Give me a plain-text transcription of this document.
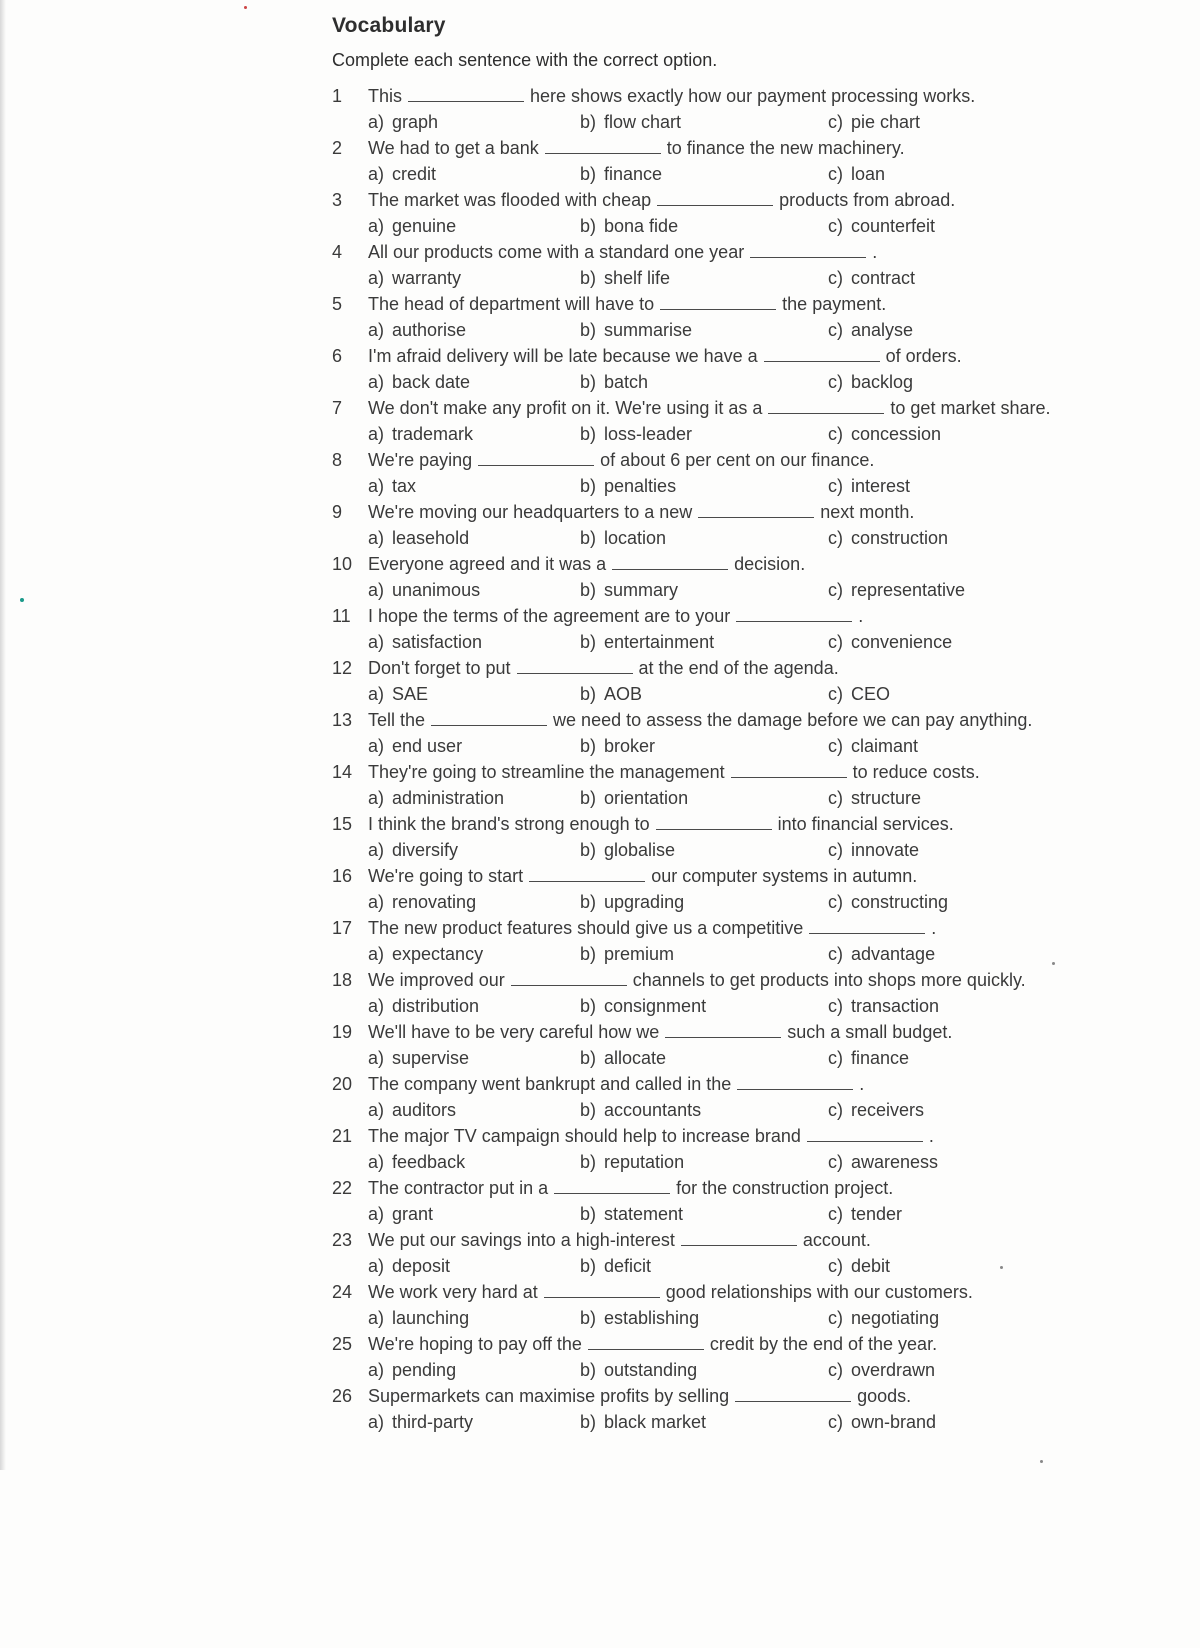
Vocabulary
Complete each sentence with the correct option.
1	This	here shows exactly how our payment processing works.
a) graph	b) flow chart	c) pie chart
2	We had to get a bank	to finance the new machinery.
a) credit	b) finance	c) loan
3	The market was flooded with cheap	products from abroad.
a) genuine	b) bona fide	c) counterfeit
4	All our products come with a standard one year	.
a) warranty	b) shelf life	c) contract
5	The head of department will have to	the payment.
a) authorise	b) summarise	c) analyse
6	I'm afraid delivery will be late because we have a	of orders.
a) back date	b) batch	c) backlog
7	We don't make any profit on it. We're using it as a	to get market share.
a) trademark	b) loss-leader	c) concession
8	We're paying	of about 6 per cent on our finance.
a) tax	b) penalties	c) interest
9	We're moving our headquarters to a new	next month.
a) leasehold	b) location	c) construction
10 Everyone agreed and it was a	decision.
a) unanimous	b) summary	c) representative
11 I hope the terms of the agreement are to your	.
a) satisfaction	b) entertainment	c) convenience
12 Don't forget to put	at the end of the agenda.
a) SAE	b) AOB	c) CEO
13 Tell the	we need to assess the damage before we can pay anything.
a) end user	b) broker	c) claimant
14 They're going to streamline the management	to reduce costs.
a) administration	b) orientation	c) structure
15 I think the brand's strong enough to	into financial services.
a) diversify	b) globalise	c) innovate
16 We're going to start	our computer systems in autumn.
a) renovating	b) upgrading	c) constructing
17 The new product features should give us a competitive	.
a) expectancy	b) premium	c) advantage
18 We improved our	channels to get products into shops more quickly.
a) distribution	b) consignment	c) transaction
19 We'll have to be very careful how we	such a small budget.
a) supervise	b) allocate	c) finance
20 The company went bankrupt and called in the	.
a) auditors	b) accountants	c) receivers
21 The major TV campaign should help to increase brand	.
a) feedback	b) reputation	c) awareness
22 The contractor put in a	for the construction project.
a) grant	b) statement	c) tender
23 We put our savings into a high-interest	account.
a) deposit	b) deficit	c) debit
24 We work very hard at	good relationships with our customers.
a) launching	b) establishing	c) negotiating
25 We're hoping to pay off the	credit by the end of the year.
a) pending	b) outstanding	c) overdrawn
26 Supermarkets can maximise profits by selling	goods.
a) third-party	b) black market	c) own-brand
